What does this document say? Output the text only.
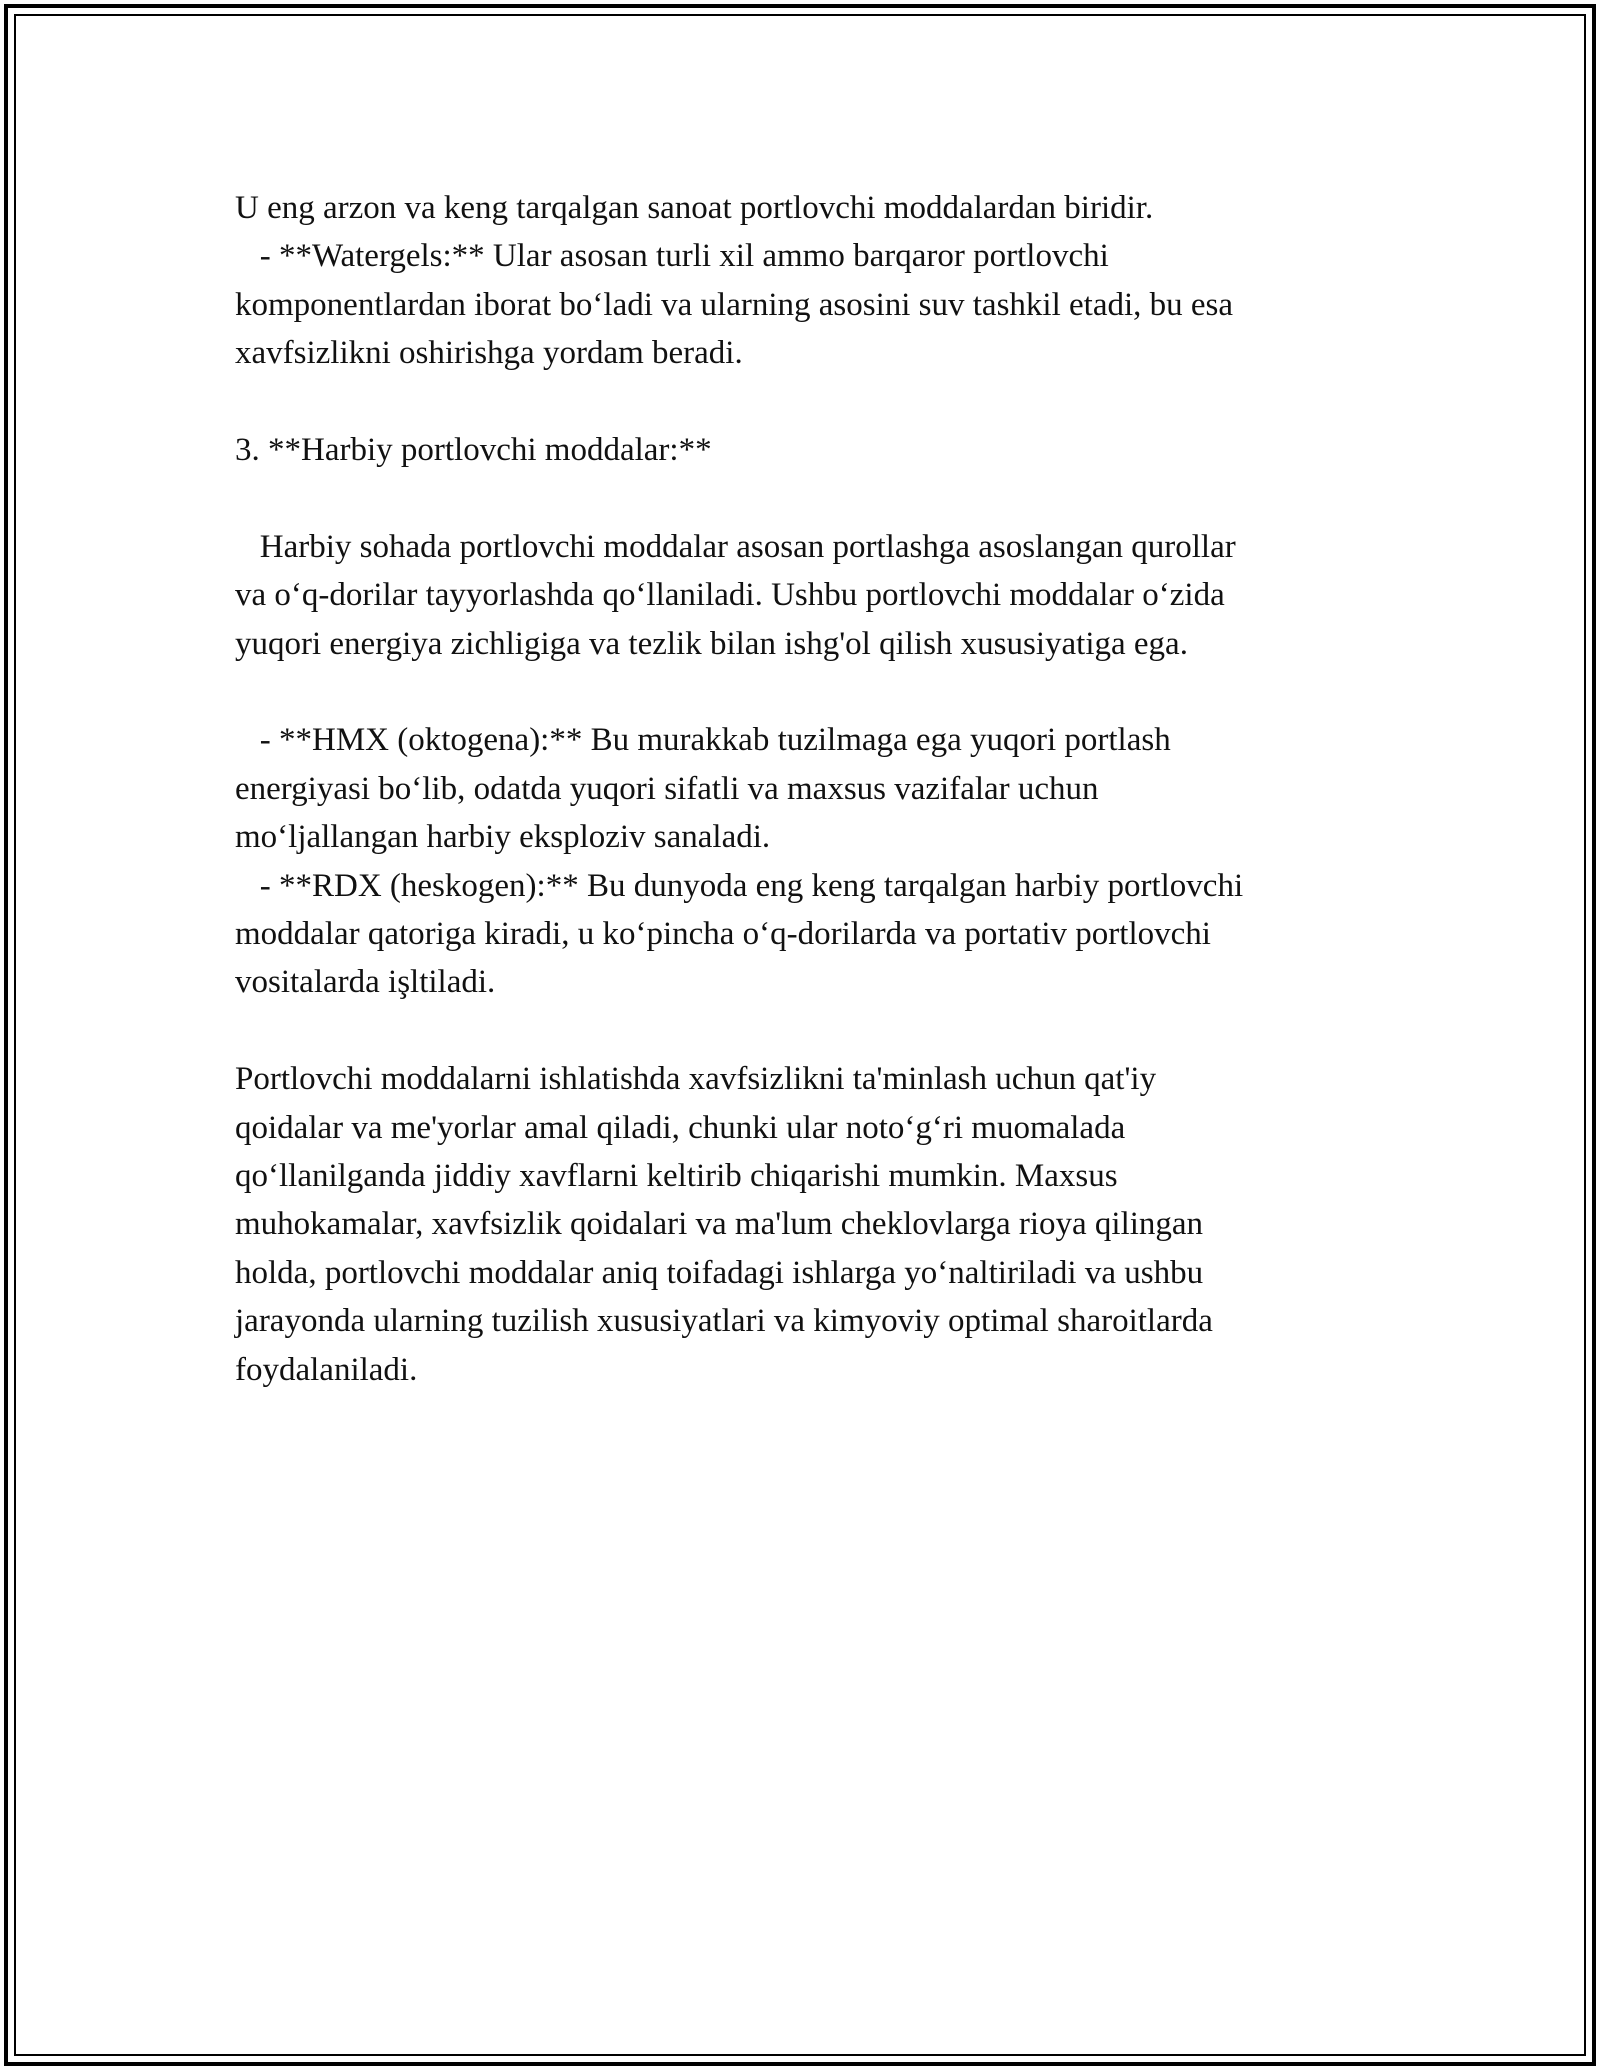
U eng arzon va keng tarqalgan sanoat portlovchi moddalardan biridir.
- **Watergels:** Ular asosan turli xil ammo barqaror portlovchi
komponentlardan iborat bo‘ladi va ularning asosini suv tashkil etadi, bu esa
xavfsizlikni oshirishga yordam beradi.
3. **Harbiy portlovchi moddalar:**
Harbiy sohada portlovchi moddalar asosan portlashga asoslangan qurollar
va o‘q-dorilar tayyorlashda qo‘llaniladi. Ushbu portlovchi moddalar o‘zida
yuqori energiya zichligiga va tezlik bilan ishg'ol qilish xususiyatiga ega.
- **HMX (oktogena):** Bu murakkab tuzilmaga ega yuqori portlash
energiyasi bo‘lib, odatda yuqori sifatli va maxsus vazifalar uchun
mo‘ljallangan harbiy eksploziv sanaladi.
- **RDX (heskogen):** Bu dunyoda eng keng tarqalgan harbiy portlovchi
moddalar qatoriga kiradi, u ko‘pincha o‘q-dorilarda va portativ portlovchi
vositalarda işltiladi.
Portlovchi moddalarni ishlatishda xavfsizlikni ta'minlash uchun qat'iy
qoidalar va me'yorlar amal qiladi, chunki ular noto‘g‘ri muomalada
qo‘llanilganda jiddiy xavflarni keltirib chiqarishi mumkin. Maxsus
muhokamalar, xavfsizlik qoidalari va ma'lum cheklovlarga rioya qilingan
holda, portlovchi moddalar aniq toifadagi ishlarga yo‘naltiriladi va ushbu
jarayonda ularning tuzilish xususiyatlari va kimyoviy optimal sharoitlarda
foydalaniladi.
